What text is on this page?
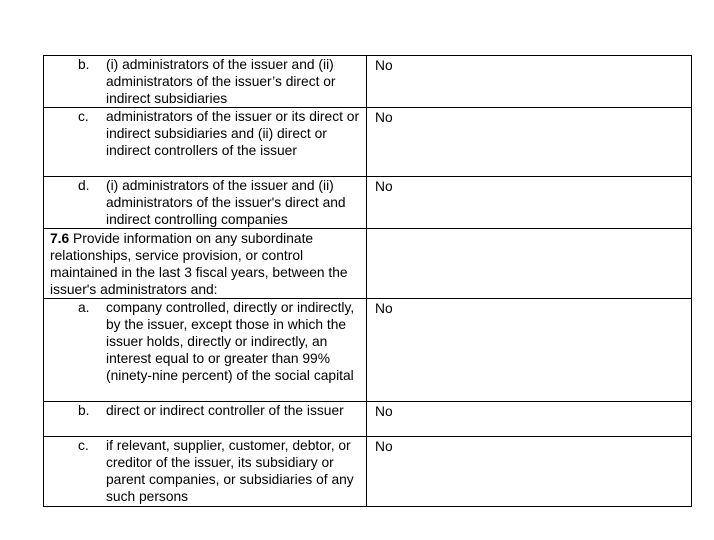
b. (i) administrators of the issuer and (ii) administrators of the issuer’s direct or indirect subsidiaries	No

c. administrators of the issuer or its direct or indirect subsidiaries and (ii) direct or indirect controllers of the issuer	No

d. (i) administrators of the issuer and (ii) administrators of the issuer's direct and indirect controlling companies	No

7.6 Provide information on any subordinate relationships, service provision, or control maintained in the last 3 fiscal years, between the issuer's administrators and:	

a. company controlled, directly or indirectly, by the issuer, except those in which the issuer holds, directly or indirectly, an interest equal to or greater than 99% (ninety-nine percent) of the social capital	No

b. direct or indirect controller of the issuer	No

c. if relevant, supplier, customer, debtor, or creditor of the issuer, its subsidiary or parent companies, or subsidiaries of any such persons	No
